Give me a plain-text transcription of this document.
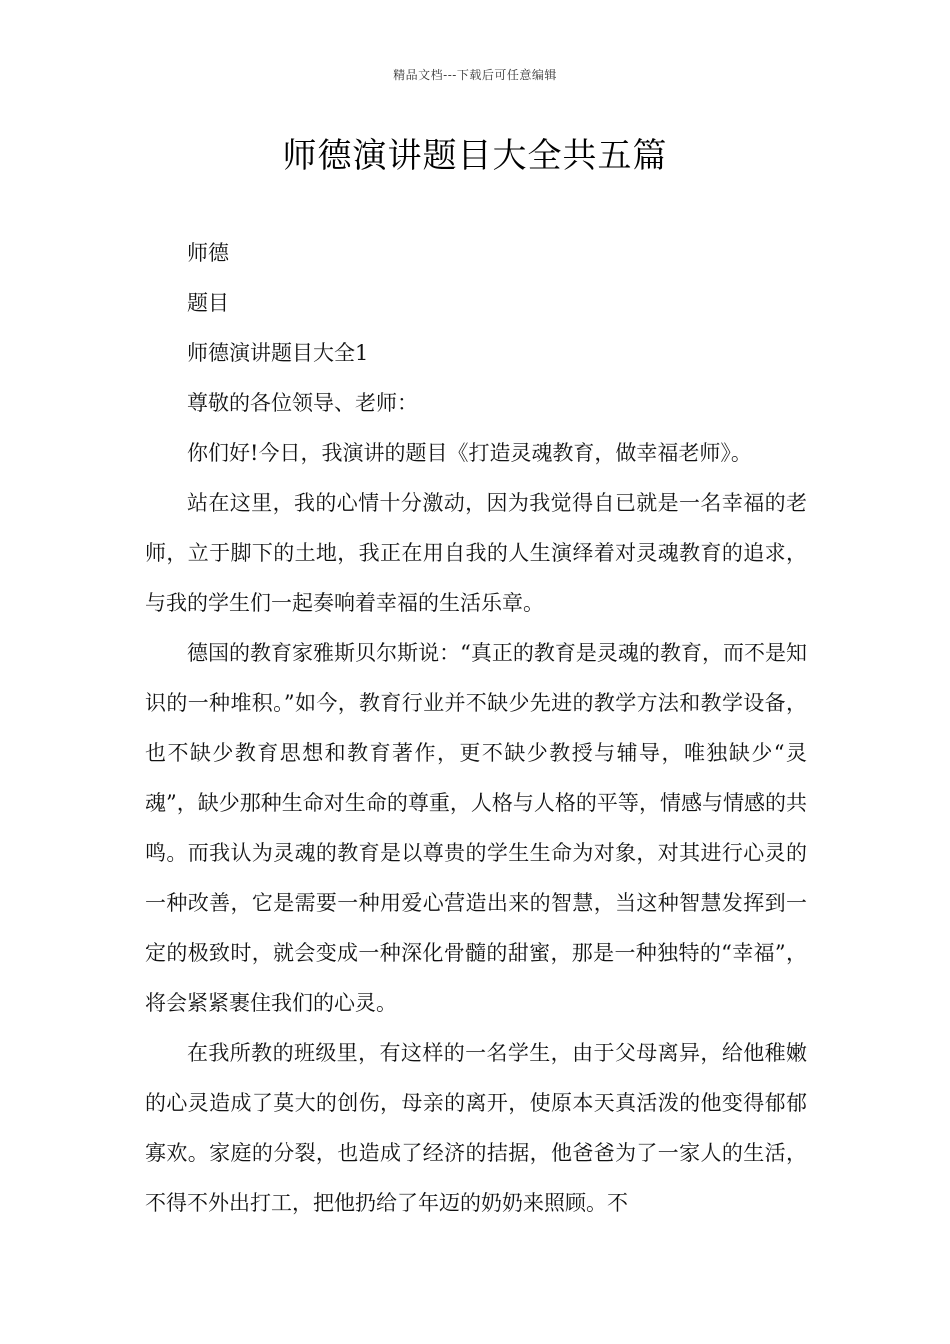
精品文档---下载后可任意编辑
师德演讲题目大全共五篇

师德

题目

师德演讲题目大全1

尊敬的各位领导、老师：

你们好!今日，我演讲的题目《打造灵魂教育，做幸福老师》。

站在这里，我的心情十分激动，因为我觉得自已就是一名幸福的老师，立于脚下的土地，我正在用自我的人生演绎着对灵魂教育的追求，与我的学生们一起奏响着幸福的生活乐章。

德国的教育家雅斯贝尔斯说：“真正的教育是灵魂的教育，而不是知识的一种堆积。”如今，教育行业并不缺少先进的教学方法和教学设备，也不缺少教育思想和教育著作，更不缺少教授与辅导，唯独缺少“灵魂”，缺少那种生命对生命的尊重，人格与人格的平等，情感与情感的共鸣。而我认为灵魂的教育是以尊贵的学生生命为对象，对其进行心灵的一种改善，它是需要一种用爱心营造出来的智慧，当这种智慧发挥到一定的极致时，就会变成一种深化骨髓的甜蜜，那是一种独特的“幸福”，将会紧紧裹住我们的心灵。

在我所教的班级里，有这样的一名学生，由于父母离异，给他稚嫩的心灵造成了莫大的创伤，母亲的离开，使原本天真活泼的他变得郁郁寡欢。家庭的分裂，也造成了经济的拮据，他爸爸为了一家人的生活，不得不外出打工，把他扔给了年迈的奶奶来照顾。不
